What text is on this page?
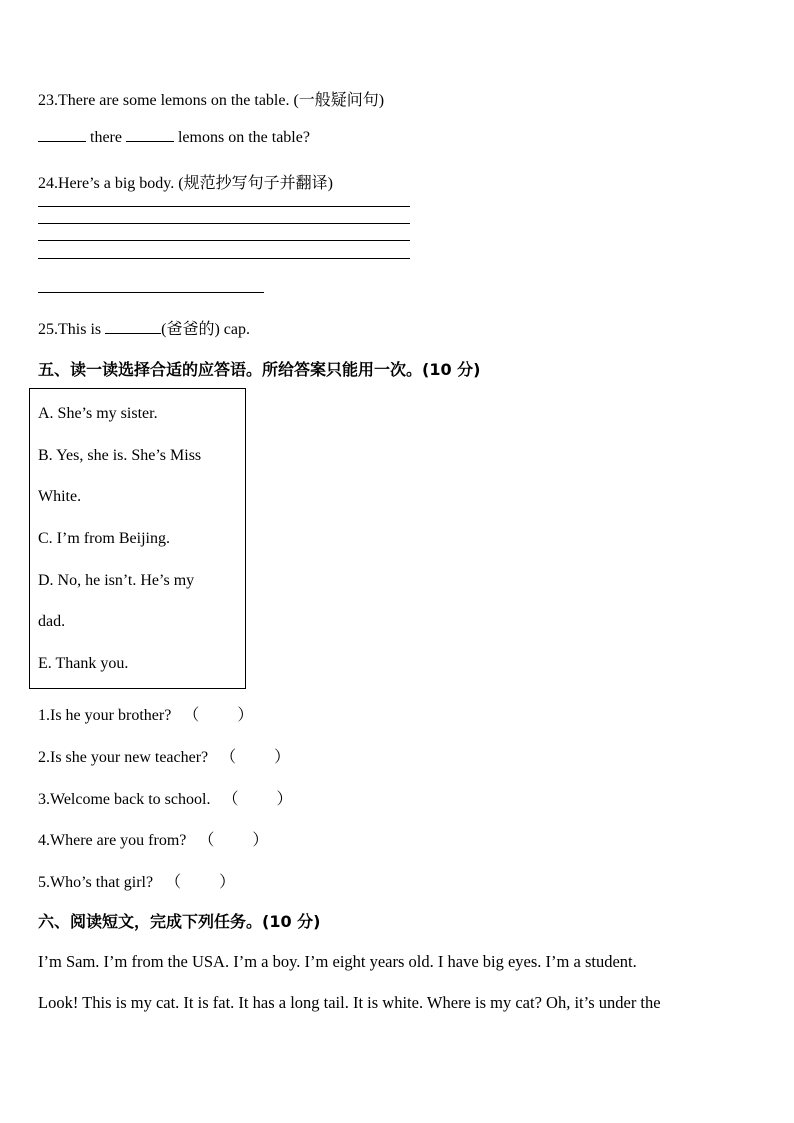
23.There are some lemons on the table. (一般疑问句)
there	lemons on the table?
24.Here’s a big body. (规范抄写句子并翻译)
25.This is	(爸爸的) cap.
五、读一读选择合适的应答语。所给答案只能用一次。(10 分)
A. She’s my sister.
B. Yes, she is. She’s Miss
White.
C. I’m from Beijing.
D. No, he isn’t. He’s my
dad.
E. Thank you.
1.Is he your brother? （ ）
2.Is she your new teacher? （ ）
3.Welcome back to school. （ ）
4.Where are you from? （ ）
5.Who’s that girl? （ ）
六、阅读短文，完成下列任务。(10 分)
I’m Sam. I’m from the USA. I’m a boy. I’m eight years old. I have big eyes. I’m a student.
Look! This is my cat. It is fat. It has a long tail. It is white. Where is my cat? Oh, it’s under the
